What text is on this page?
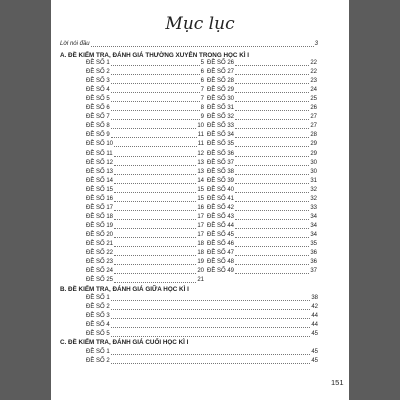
Mục lục
Lời nói đầu	3
A. ĐỀ KIỂM TRA, ĐÁNH GIÁ THƯỜNG XUYÊN TRONG HỌC KÌ I
ĐỀ SỐ 1	5
ĐỀ SỐ 2	6
ĐỀ SỐ 3	6
ĐỀ SỐ 4	7
ĐỀ SỐ 5	7
ĐỀ SỐ 6	8
ĐỀ SỐ 7	9
ĐỀ SỐ 8	10
ĐỀ SỐ 9	11
ĐỀ SỐ 10	11
ĐỀ SỐ 11	12
ĐỀ SỐ 12	13
ĐỀ SỐ 13	13
ĐỀ SỐ 14	14
ĐỀ SỐ 15	15
ĐỀ SỐ 16	15
ĐỀ SỐ 17	16
ĐỀ SỐ 18	17
ĐỀ SỐ 19	17
ĐỀ SỐ 20	17
ĐỀ SỐ 21	18
ĐỀ SỐ 22	18
ĐỀ SỐ 23	19
ĐỀ SỐ 24	20
ĐỀ SỐ 25	21
ĐỀ SỐ 26	22
ĐỀ SỐ 27	22
ĐỀ SỐ 28	23
ĐỀ SỐ 29	24
ĐỀ SỐ 30	25
ĐỀ SỐ 31	26
ĐỀ SỐ 32	27
ĐỀ SỐ 33	27
ĐỀ SỐ 34	28
ĐỀ SỐ 35	29
ĐỀ SỐ 36	29
ĐỀ SỐ 37	30
ĐỀ SỐ 38	30
ĐỀ SỐ 39	31
ĐỀ SỐ 40	32
ĐỀ SỐ 41	32
ĐỀ SỐ 42	33
ĐỀ SỐ 43	34
ĐỀ SỐ 44	34
ĐỀ SỐ 45	34
ĐỀ SỐ 46	35
ĐỀ SỐ 47	36
ĐỀ SỐ 48	36
ĐỀ SỐ 49	37
B. ĐỀ KIỂM TRA, ĐÁNH GIÁ GIỮA HỌC KÌ I
ĐỀ SỐ 1	38
ĐỀ SỐ 2	42
ĐỀ SỐ 3	44
ĐỀ SỐ 4	44
ĐỀ SỐ 5	45
C. ĐỀ KIỂM TRA, ĐÁNH GIÁ CUỐI HỌC KÌ I
ĐỀ SỐ 1	45
ĐỀ SỐ 2	45
151
